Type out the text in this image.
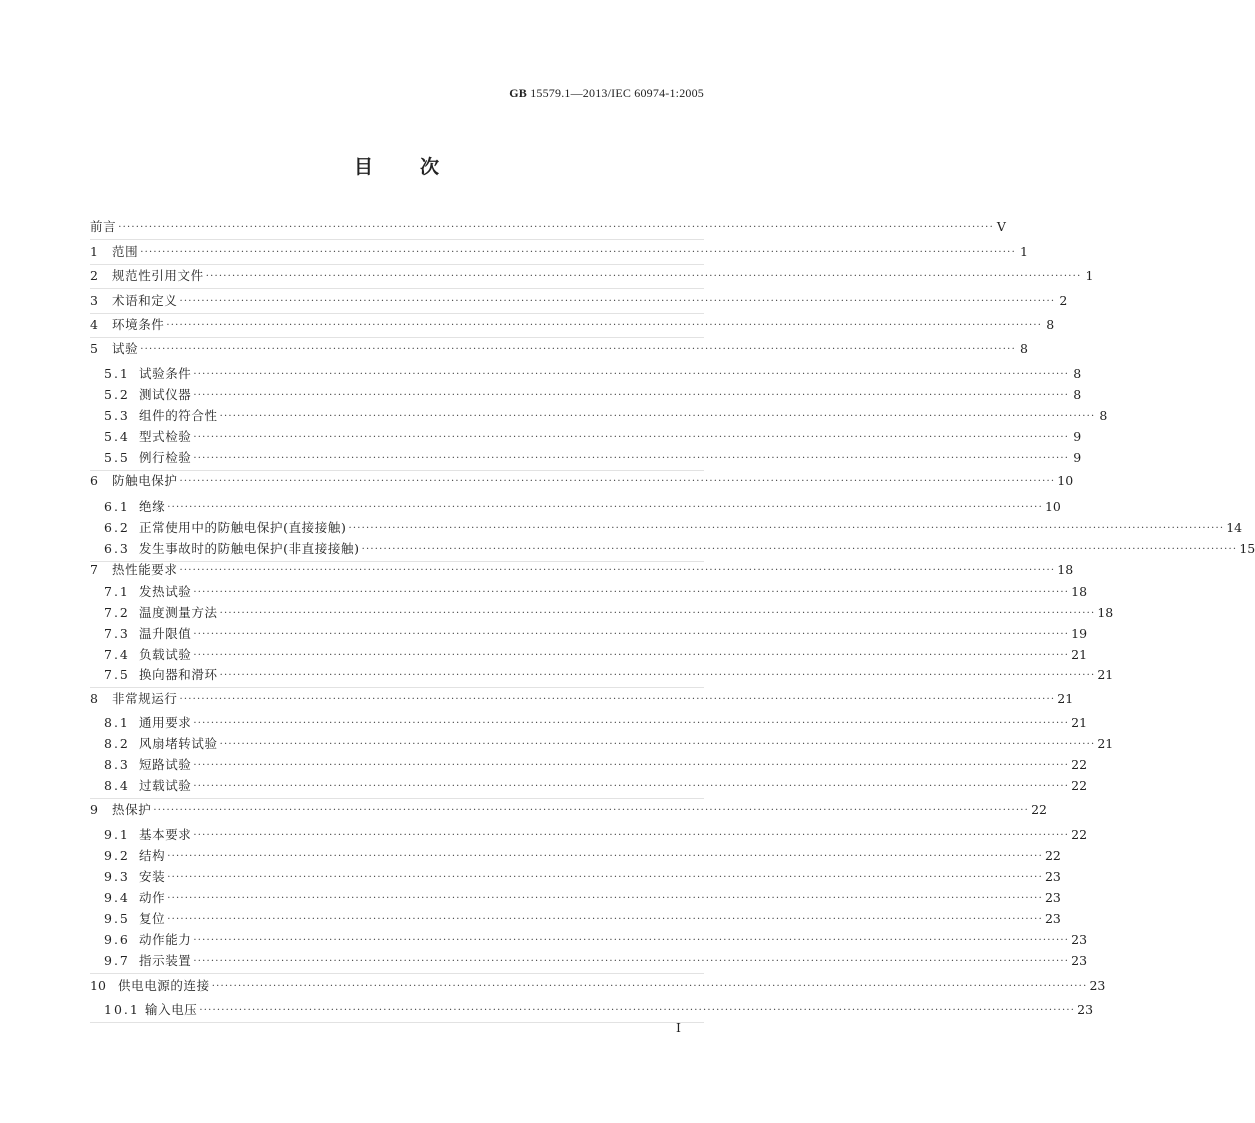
GB 15579.1—2013/IEC 60974-1:2005
目 次
前言 ········································································································································································································ V
1	范围 ········································································································································································································ 1
2	规范性引用文件 ········································································································································································································ 1
3	术语和定义 ········································································································································································································ 2
4	环境条件 ········································································································································································································ 8
5	试验 ········································································································································································································ 8
5.1 试验条件 ········································································································································································································ 8
5.2 测试仪器 ········································································································································································································ 8
5.3 组件的符合性 ········································································································································································································ 8
5.4 型式检验 ········································································································································································································ 9
5.5 例行检验 ········································································································································································································ 9
6	防触电保护 ········································································································································································································ 10
6.1 绝缘 ········································································································································································································ 10
6.2 正常使用中的防触电保护(直接接触) ········································································································································································································ 14
6.3 发生事故时的防触电保护(非直接接触) ········································································································································································································ 15
7	热性能要求 ········································································································································································································ 18
7.1 发热试验 ········································································································································································································ 18
7.2 温度测量方法 ········································································································································································································ 18
7.3 温升限值 ········································································································································································································ 19
7.4 负载试验 ········································································································································································································ 21
7.5 换向器和滑环 ········································································································································································································ 21
8	非常规运行 ········································································································································································································ 21
8.1 通用要求 ········································································································································································································ 21
8.2 风扇堵转试验 ········································································································································································································ 21
8.3 短路试验 ········································································································································································································ 22
8.4 过载试验 ········································································································································································································ 22
9	热保护 ········································································································································································································ 22
9.1 基本要求 ········································································································································································································ 22
9.2 结构 ········································································································································································································ 22
9.3 安装 ········································································································································································································ 23
9.4 动作 ········································································································································································································ 23
9.5 复位 ········································································································································································································ 23
9.6 动作能力 ········································································································································································································ 23
9.7 指示装置 ········································································································································································································ 23
10 供电电源的连接 ········································································································································································································ 23
10.1 输入电压 ········································································································································································································ 23
I
